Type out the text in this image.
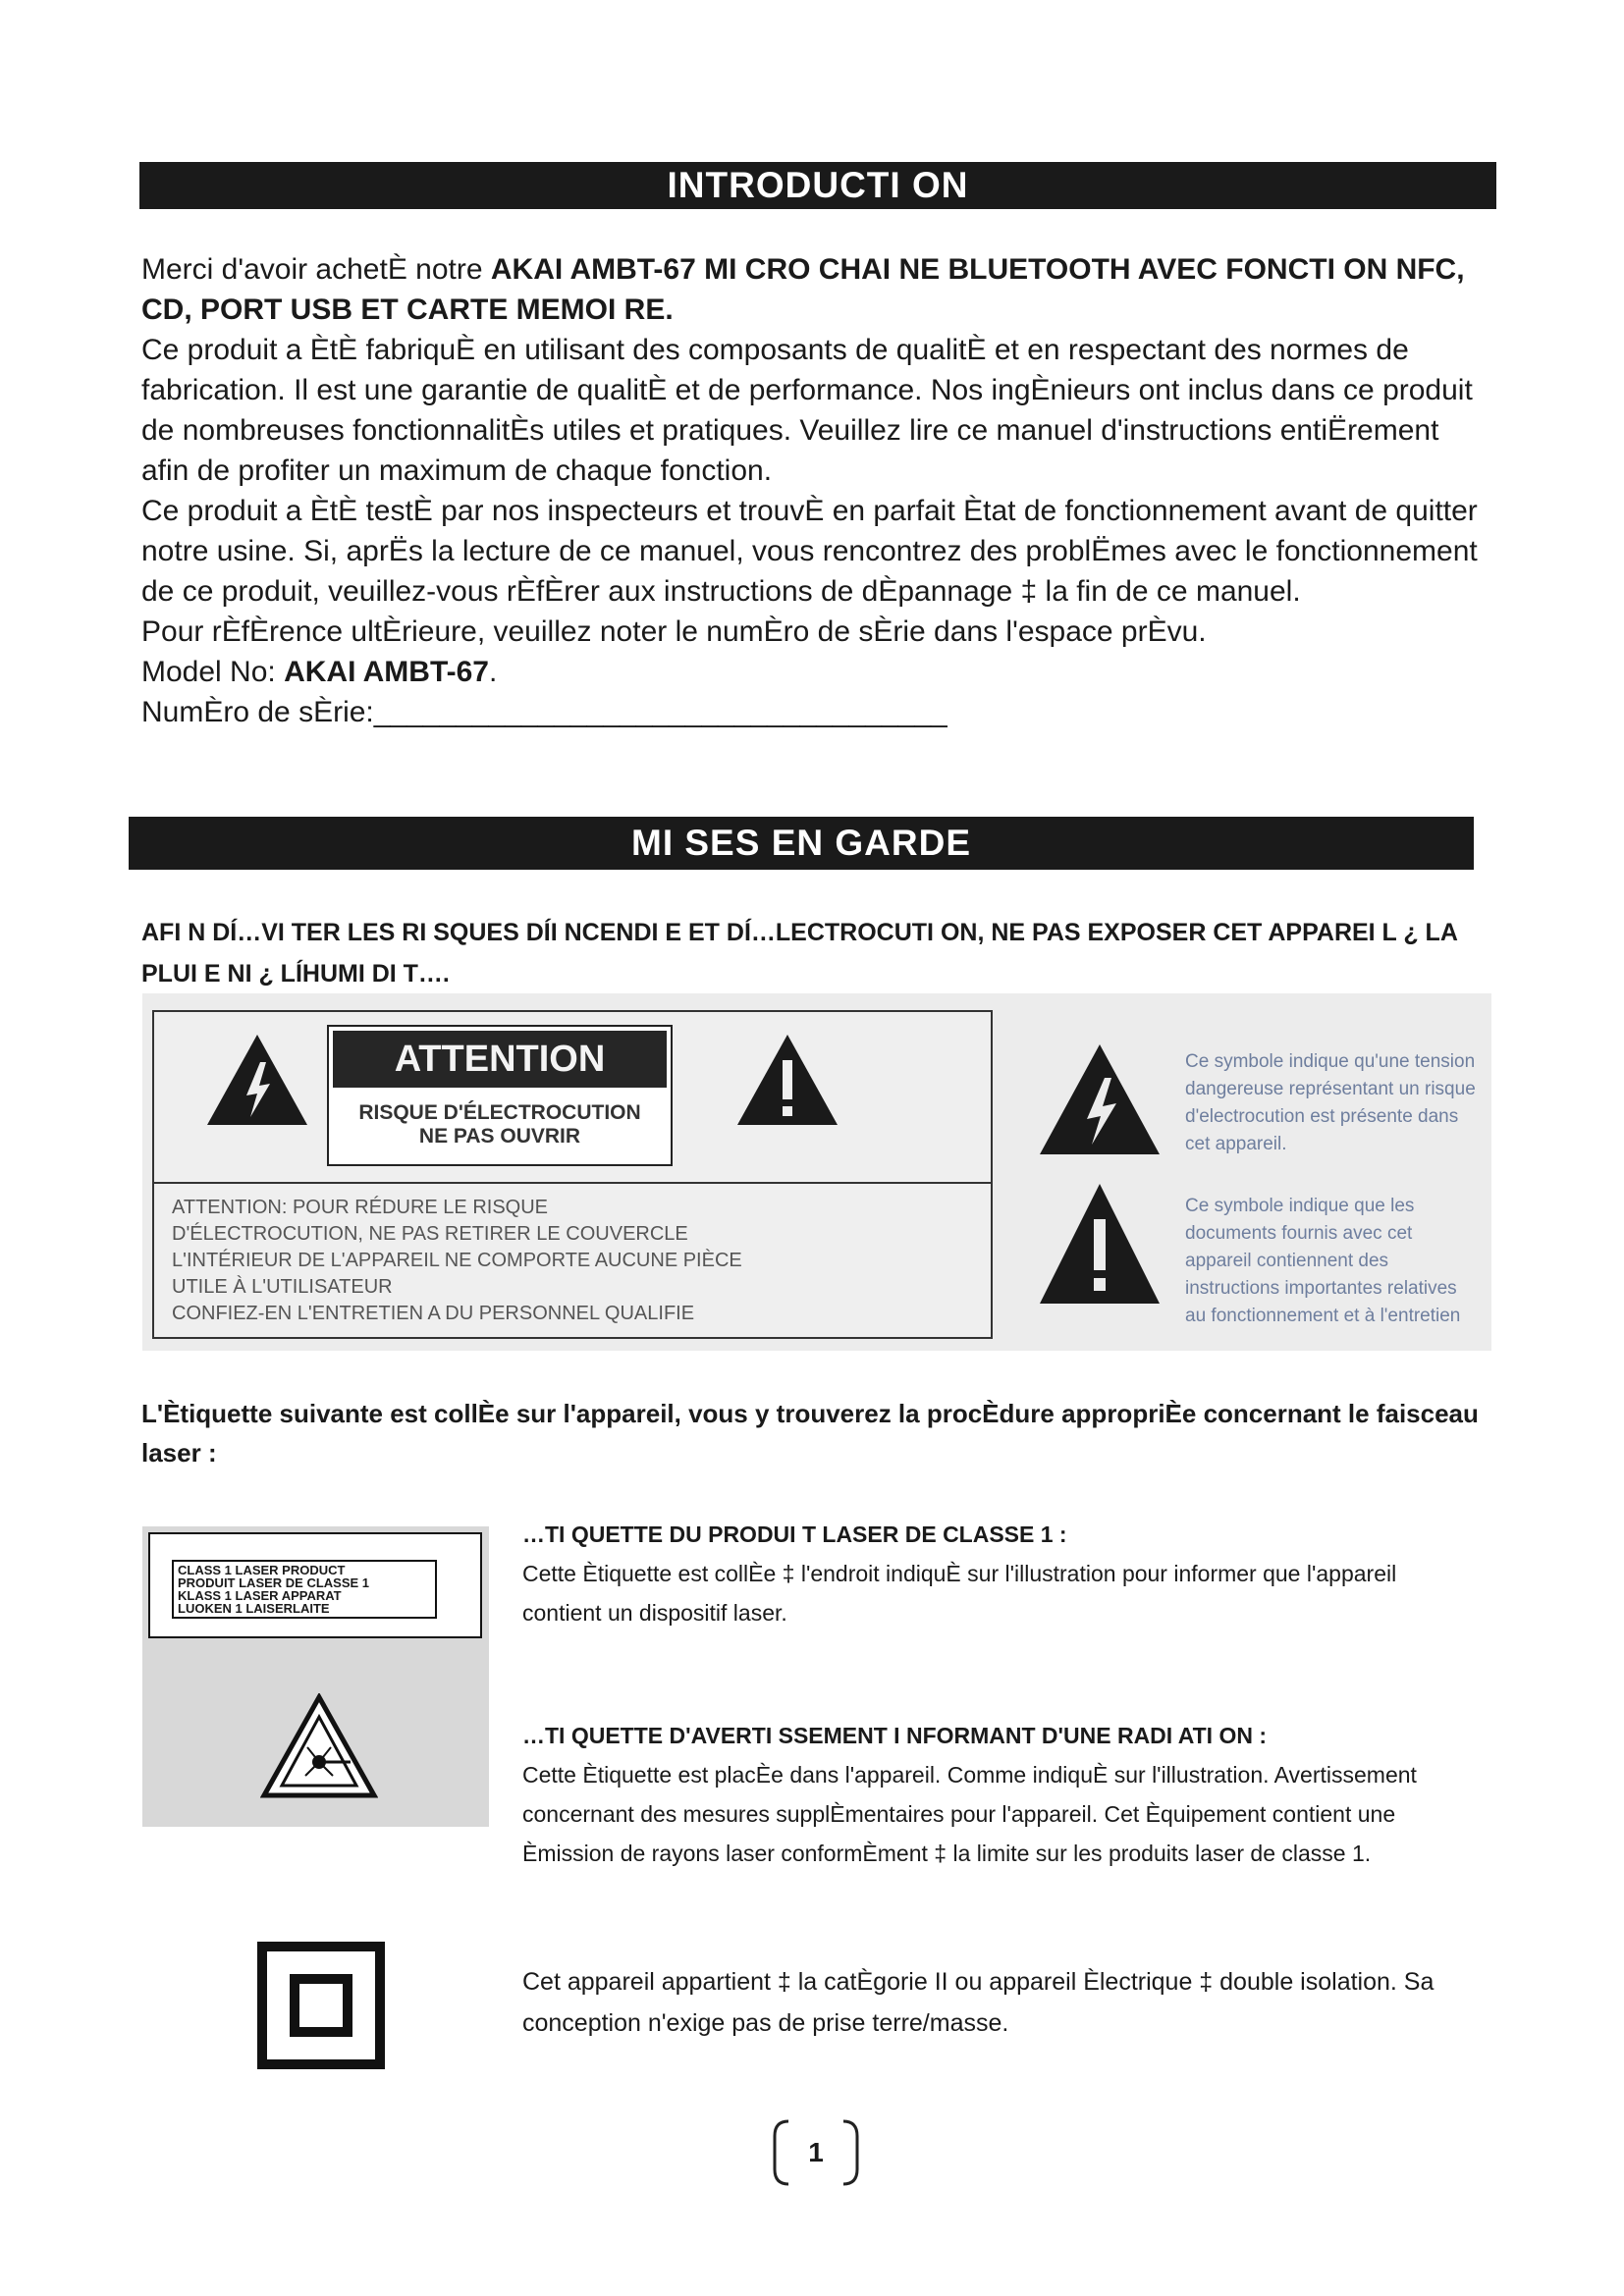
INTRODUCTI ON

Merci d'avoir achetÈ notre AKAI AMBT-67 MI CRO CHAI NE BLUETOOTH AVEC FONCTI ON NFC, CD, PORT USB ET CARTE MEMOI RE.

Ce produit a ÈtÈ fabriquÈ en utilisant des composants de qualitÈ et en respectant des normes de fabrication. Il est une garantie de qualitÈ et de performance. Nos ingÈnieurs ont inclus dans ce produit de nombreuses fonctionnalitÈs utiles et pratiques. Veuillez lire ce manuel d'instructions entiËrement afin de profiter un maximum de chaque fonction.

Ce produit a ÈtÈ testÈ par nos inspecteurs et trouvÈ en parfait Ètat de fonctionnement avant de quitter notre usine. Si, aprËs la lecture de ce manuel, vous rencontrez des problËmes avec le fonctionnement de ce produit, veuillez-vous rÈfÈrer aux instructions de dÈpannage ‡ la fin de ce manuel.

Pour rÈfÈrence ultÈrieure, veuillez noter le numÈro de sÈrie dans l'espace prÈvu.

Model No: AKAI AMBT-67.

NumÈro de sÈrie:___________________________________

MI SES EN GARDE
AFI N DÍ…VI TER LES RI SQUES DÍI NCENDI E ET DÍ…LECTROCUTI ON, NE PAS EXPOSER CET APPAREI L ¿ LA PLUI E NI ¿ LÍHUMI DI T….
ATTENTION
RISQUE D'ÉLECTROCUTION
NE PAS OUVRIR
ATTENTION: POUR RÉDURE LE RISQUE
D'ÉLECTROCUTION, NE PAS RETIRER LE COUVERCLE
L'INTÉRIEUR DE L'APPAREIL NE COMPORTE AUCUNE PIÈCE
UTILE À L'UTILISATEUR
CONFIEZ-EN L'ENTRETIEN A DU PERSONNEL QUALIFIE
Ce symbole indique qu'une tension dangereuse représentant un risque d'electrocution est présente dans cet appareil.
Ce symbole indique que les documents fournis avec cet appareil contiennent des instructions importantes relatives au fonctionnement et à l'entretien
L'Ètiquette suivante est collÈe sur l'appareil, vous y trouverez la procÈdure appropriÈe concernant le faisceau laser :
CLASS 1 LASER PRODUCT
PRODUIT LASER DE CLASSE 1
KLASS 1 LASER APPARAT
LUOKEN 1 LAISERLAITE
…TI QUETTE DU PRODUI T LASER DE CLASSE 1 :

Cette Ètiquette est collÈe ‡ l'endroit indiquÈ sur l'illustration pour informer que l'appareil contient un dispositif laser.

…TI QUETTE D'AVERTI SSEMENT I NFORMANT D'UNE RADI ATI ON :

Cette Ètiquette est placÈe dans l'appareil. Comme indiquÈ sur l'illustration. Avertissement concernant des mesures supplÈmentaires pour l'appareil. Cet Èquipement contient une Èmission de rayons laser conformÈment ‡ la limite sur les produits laser de classe 1.

Cet appareil appartient ‡ la catÈgorie II ou appareil Èlectrique ‡ double isolation. Sa conception n'exige pas de prise terre/masse.

1
